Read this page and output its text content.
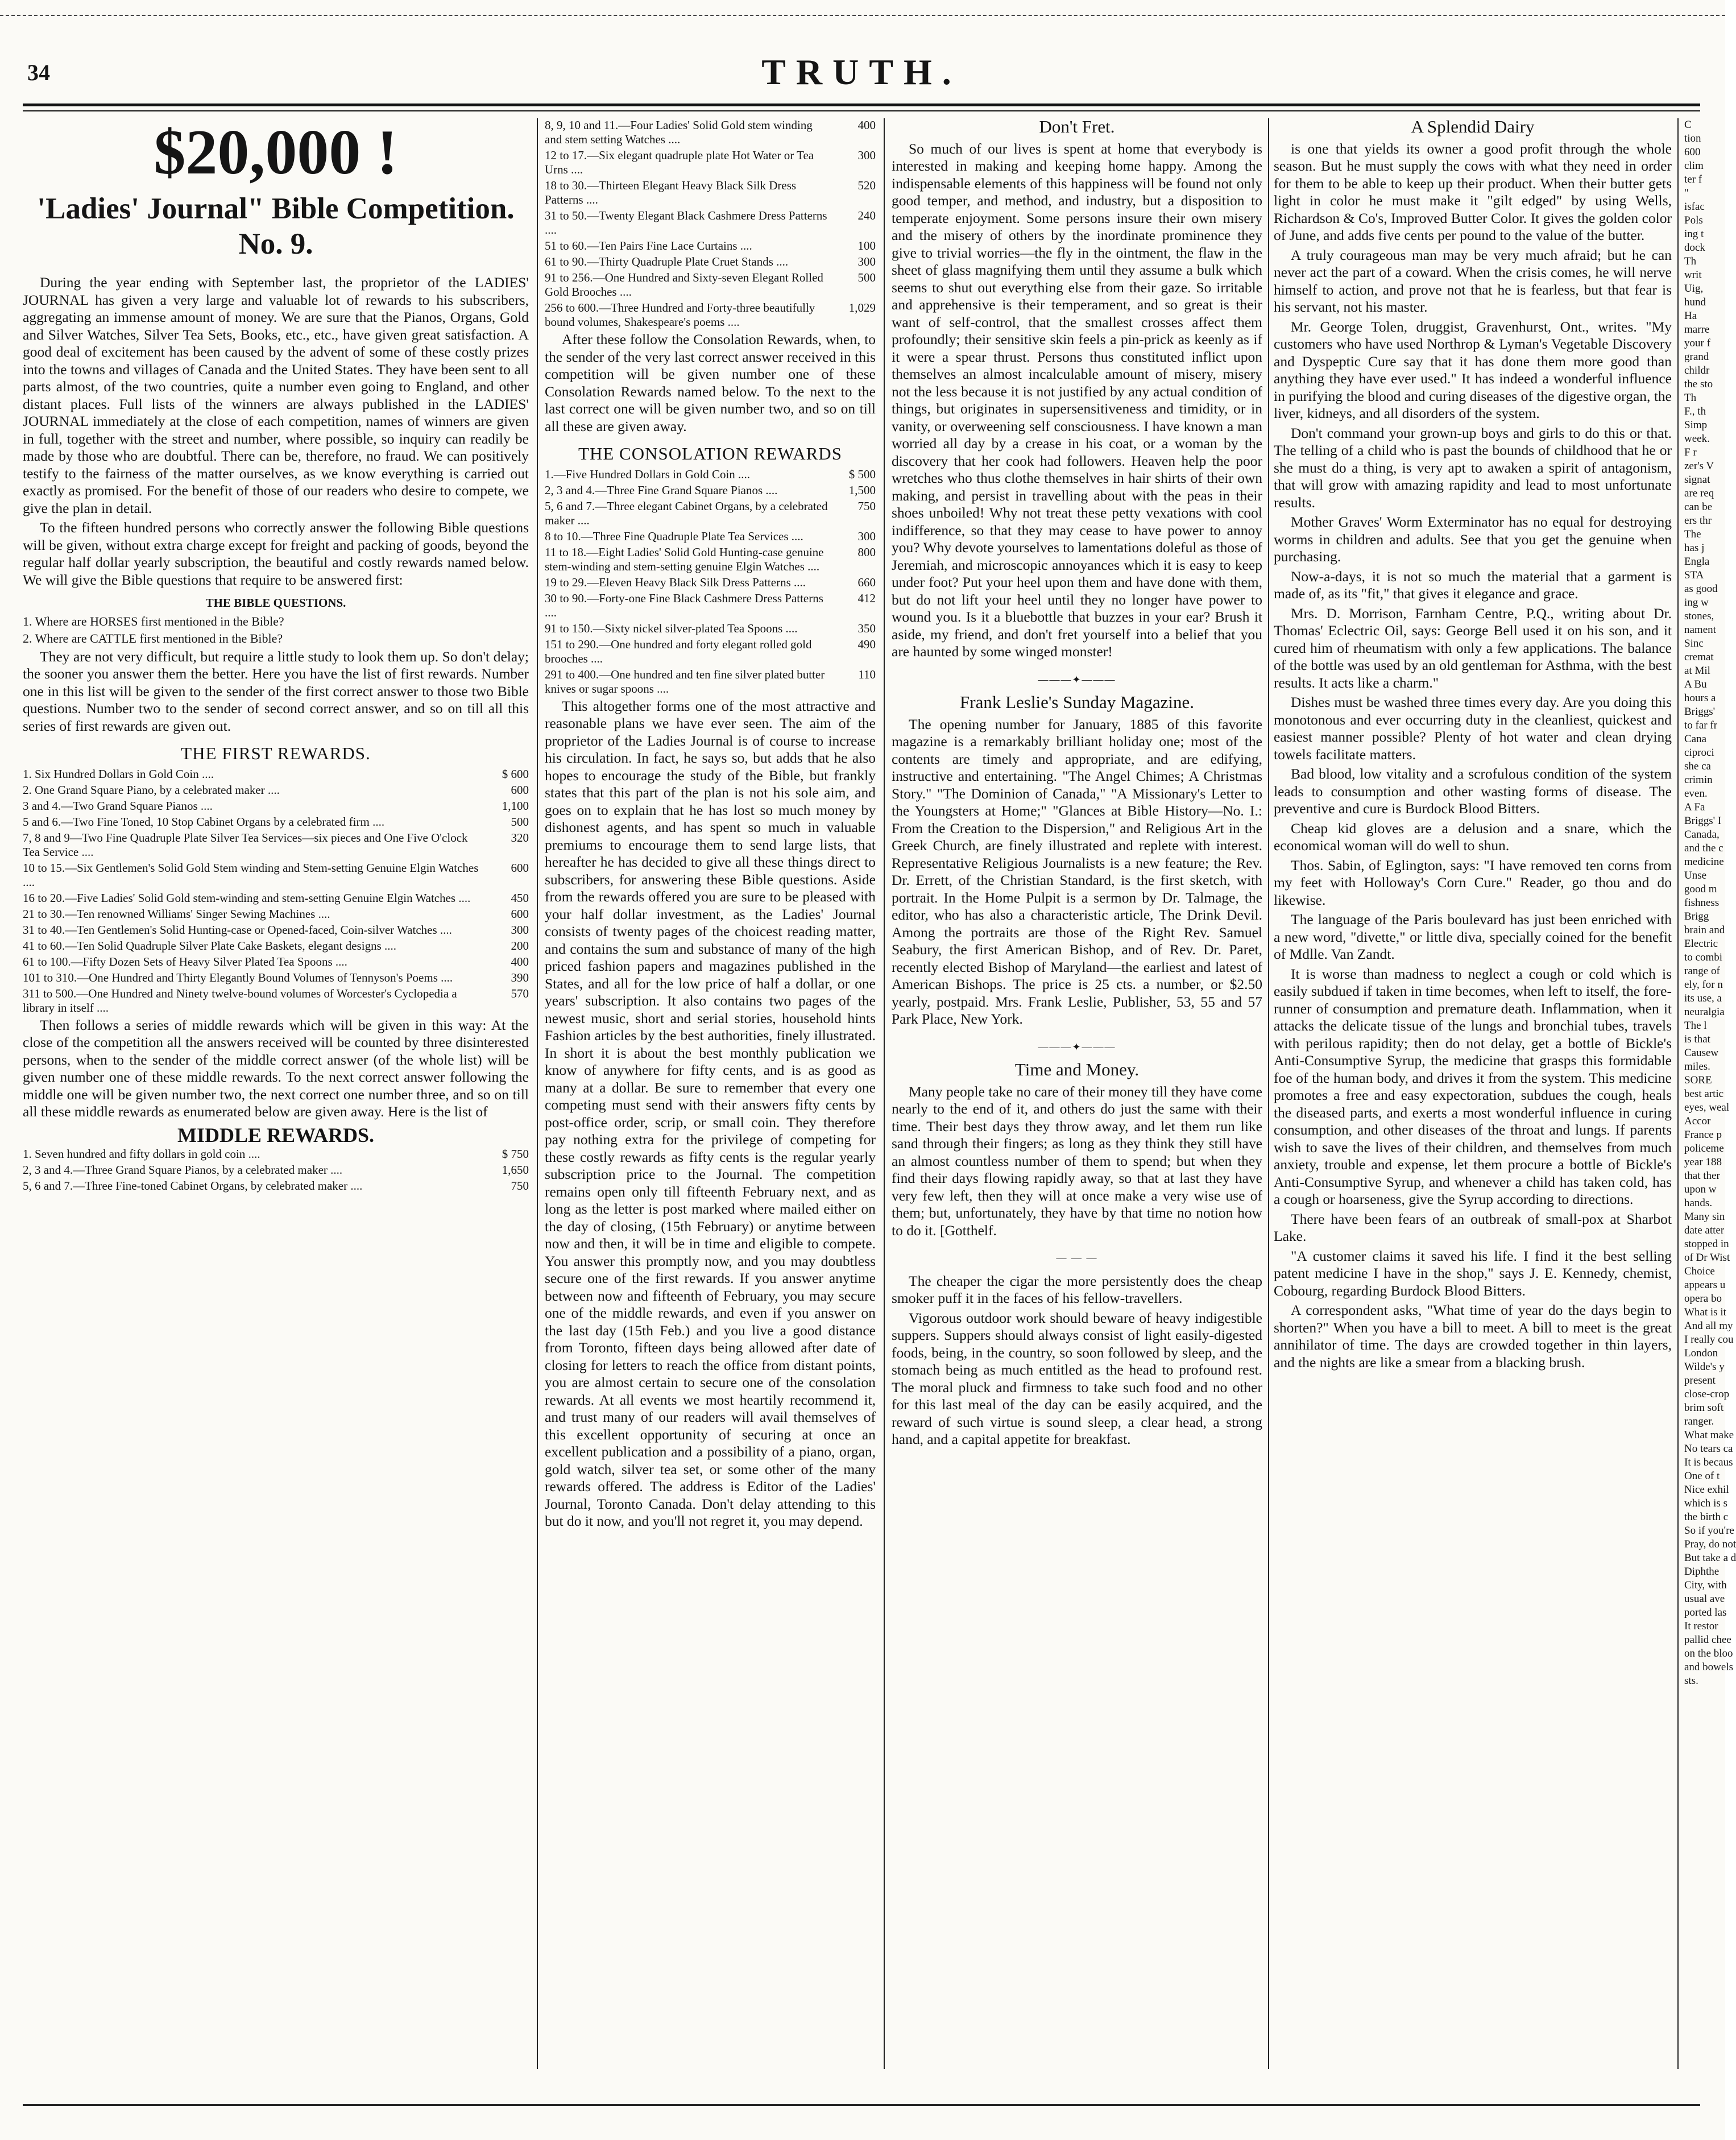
34	TRUTH.
$20,000 !
'Ladies' Journal" Bible Competition. No. 9.

During the year ending with September last, the proprietor of the LADIES' JOURNAL has given a very large and valuable lot of rewards to his subscribers, aggregating an immense amount of money. We are sure that the Pianos, Organs, Gold and Silver Watches, Silver Tea Sets, Books, etc., etc., have given great satisfaction. A good deal of excitement has been caused by the advent of some of these costly prizes into the towns and villages of Canada and the United States. They have been sent to all parts almost, of the two countries, quite a number even going to England, and other distant places. Full lists of the winners are always published in the LADIES' JOURNAL immediately at the close of each competition, names of winners are given in full, together with the street and number, where possible, so inquiry can readily be made by those who are doubtful. There can be, therefore, no fraud. We can positively testify to the fairness of the matter ourselves, as we know everything is carried out exactly as promised. For the benefit of those of our readers who desire to compete, we give the plan in detail.

To the fifteen hundred persons who correctly answer the following Bible questions will be given, without extra charge except for freight and packing of goods, beyond the regular half dollar yearly subscription, the beautiful and costly rewards named below. We will give the Bible questions that require to be answered first:

THE BIBLE QUESTIONS.

1. Where are HORSES first mentioned in the Bible?

2. Where are CATTLE first mentioned in the Bible?

They are not very difficult, but require a little study to look them up. So don't delay; the sooner you answer them the better. Here you have the list of first rewards. Number one in this list will be given to the sender of the first correct answer to those two Bible questions. Number two to the sender of second correct answer, and so on till all this series of first rewards are given out.

THE FIRST REWARDS.
1. Six Hundred Dollars in Gold Coin ....	$ 600
2. One Grand Square Piano, by a celebrated maker ....	600
3 and 4.—Two Grand Square Pianos ....	1,100
5 and 6.—Two Fine Toned, 10 Stop Cabinet Organs by a celebrated firm ....	500
7, 8 and 9—Two Fine Quadruple Plate Silver Tea Services—six pieces and One Five O'clock Tea Service ....
320
10 to 15.—Six Gentlemen's Solid Gold Stem winding and Stem-setting Genuine Elgin Watches ....
600
16 to 20.—Five Ladies' Solid Gold stem-winding and stem-setting Genuine Elgin Watches ....	450
21 to 30.—Ten renowned Williams' Singer Sewing Machines ....	600
31 to 40.—Ten Gentlemen's Solid Hunting-case or Opened-faced, Coin-silver Watches ....	300
41 to 60.—Ten Solid Quadruple Silver Plate Cake Baskets, elegant designs ....	200
61 to 100.—Fifty Dozen Sets of Heavy Silver Plated Tea Spoons ....	400
101 to 310.—One Hundred and Thirty Elegantly Bound Volumes of Tennyson's Poems ....	390
311 to 500.—One Hundred and Ninety twelve-bound volumes of Worcester's Cyclopedia a library in itself ....
570

Then follows a series of middle rewards which will be given in this way: At the close of the competition all the answers received will be counted by three disinterested persons, when to the sender of the middle correct answer (of the whole list) will be given number one of these middle rewards. To the next correct answer following the middle one will be given number two, the next correct one number three, and so on till all these middle rewards as enumerated below are given away. Here is the list of

MIDDLE REWARDS.
1. Seven hundred and fifty dollars in gold coin ....	$ 750
2, 3 and 4.—Three Grand Square Pianos, by a celebrated maker ....	1,650
5, 6 and 7.—Three Fine-toned Cabinet Organs, by celebrated maker ....	750
8, 9, 10 and 11.—Four Ladies' Solid Gold stem winding and stem setting Watches ....
400
12 to 17.—Six elegant quadruple plate Hot Water or Tea Urns ....
300
18 to 30.—Thirteen Elegant Heavy Black Silk Dress Patterns ....
520
31 to 50.—Twenty Elegant Black Cashmere Dress Patterns ....
240
51 to 60.—Ten Pairs Fine Lace Curtains ....	100
61 to 90.—Thirty Quadruple Plate Cruet Stands ....	300
91 to 256.—One Hundred and Sixty-seven Elegant Rolled Gold Brooches ....
500
256 to 600.—Three Hundred and Forty-three beautifully bound volumes, Shakespeare's poems ....
1,029

After these follow the Consolation Rewards, when, to the sender of the very last correct answer received in this competition will be given number one of these Consolation Rewards named below. To the next to the last correct one will be given number two, and so on till all these are given away.

THE CONSOLATION REWARDS
1.—Five Hundred Dollars in Gold Coin ....	$ 500
2, 3 and 4.—Three Fine Grand Square Pianos ....	1,500
5, 6 and 7.—Three elegant Cabinet Organs, by a celebrated maker ....
750
8 to 10.—Three Fine Quadruple Plate Tea Services ....	300
11 to 18.—Eight Ladies' Solid Gold Hunting-case genuine stem-winding and stem-setting genuine Elgin Watches ....
800
19 to 29.—Eleven Heavy Black Silk Dress Patterns ....	660
30 to 90.—Forty-one Fine Black Cashmere Dress Patterns ....
412
91 to 150.—Sixty nickel silver-plated Tea Spoons ....	350
151 to 290.—One hundred and forty elegant rolled gold brooches ....
490
291 to 400.—One hundred and ten fine silver plated butter knives or sugar spoons ....
110

This altogether forms one of the most attractive and reasonable plans we have ever seen. The aim of the proprietor of the Ladies Journal is of course to increase his circulation. In fact, he says so, but adds that he also hopes to encourage the study of the Bible, but frankly states that this part of the plan is not his sole aim, and goes on to explain that he has lost so much money by dishonest agents, and has spent so much in valuable premiums to encourage them to send large lists, that hereafter he has decided to give all these things direct to subscribers, for answering these Bible questions. Aside from the rewards offered you are sure to be pleased with your half dollar investment, as the Ladies' Journal consists of twenty pages of the choicest reading matter, and contains the sum and substance of many of the high priced fashion papers and magazines published in the States, and all for the low price of half a dollar, or one years' subscription. It also contains two pages of the newest music, short and serial stories, household hints Fashion articles by the best authorities, finely illustrated. In short it is about the best monthly publication we know of anywhere for fifty cents, and is as good as many at a dollar. Be sure to remember that every one competing must send with their answers fifty cents by post-office order, scrip, or small coin. They therefore pay nothing extra for the privilege of competing for these costly rewards as fifty cents is the regular yearly subscription price to the Journal. The competition remains open only till fifteenth February next, and as long as the letter is post marked where mailed either on the day of closing, (15th February) or anytime between now and then, it will be in time and eligible to compete. You answer this promptly now, and you may doubtless secure one of the first rewards. If you answer anytime between now and fifteenth of February, you may secure one of the middle rewards, and even if you answer on the last day (15th Feb.) and you live a good distance from Toronto, fifteen days being allowed after date of closing for letters to reach the office from distant points, you are almost certain to secure one of the consolation rewards. At all events we most heartily recommend it, and trust many of our readers will avail themselves of this excellent opportunity of securing at once an excellent publication and a possibility of a piano, organ, gold watch, silver tea set, or some other of the many rewards offered. The address is Editor of the Ladies' Journal, Toronto Canada. Don't delay attending to this but do it now, and you'll not regret it, you may depend.

Don't Fret.

So much of our lives is spent at home that everybody is interested in making and keeping home happy. Among the indispensable elements of this happiness will be found not only good temper, and method, and industry, but a disposition to temperate enjoyment. Some persons insure their own misery and the misery of others by the inordinate prominence they give to trivial worries—the fly in the ointment, the flaw in the sheet of glass magnifying them until they assume a bulk which seems to shut out everything else from their gaze. So irritable and apprehensive is their temperament, and so great is their want of self-control, that the smallest crosses affect them profoundly; their sensitive skin feels a pin-prick as keenly as if it were a spear thrust. Persons thus constituted inflict upon themselves an almost incalculable amount of misery, misery not the less because it is not justified by any actual condition of things, but originates in supersensitiveness and timidity, or in vanity, or overweening self consciousness. I have known a man worried all day by a crease in his coat, or a woman by the discovery that her cook had followers. Heaven help the poor wretches who thus clothe themselves in hair shirts of their own making, and persist in travelling about with the peas in their shoes unboiled! Why not treat these petty vexations with cool indifference, so that they may cease to have power to annoy you? Why devote yourselves to lamentations doleful as those of Jeremiah, and microscopic annoyances which it is easy to keep under foot? Put your heel upon them and have done with them, but do not lift your heel until they no longer have power to wound you. Is it a bluebottle that buzzes in your ear? Brush it aside, my friend, and don't fret yourself into a belief that you are haunted by some winged monster!

———✦———
Frank Leslie's Sunday Magazine.

The opening number for January, 1885 of this favorite magazine is a remarkably brilliant holiday one; most of the contents are timely and appropriate, and are edifying, instructive and entertaining. "The Angel Chimes; A Christmas Story." "The Dominion of Canada," "A Missionary's Letter to the Youngsters at Home;" "Glances at Bible History—No. I.: From the Creation to the Dispersion," and Religious Art in the Greek Church, are finely illustrated and replete with interest. Representative Religious Journalists is a new feature; the Rev. Dr. Errett, of the Christian Standard, is the first sketch, with portrait. In the Home Pulpit is a sermon by Dr. Talmage, the editor, who has also a characteristic article, The Drink Devil. Among the portraits are those of the Right Rev. Samuel Seabury, the first American Bishop, and of Rev. Dr. Paret, recently elected Bishop of Maryland—the earliest and latest of American Bishops. The price is 25 cts. a number, or $2.50 yearly, postpaid. Mrs. Frank Leslie, Publisher, 53, 55 and 57 Park Place, New York.

———✦———
Time and Money.

Many people take no care of their money till they have come nearly to the end of it, and others do just the same with their time. Their best days they throw away, and let them run like sand through their fingers; as long as they think they still have an almost countless number of them to spend; but when they find their days flowing rapidly away, so that at last they have very few left, then they will at once make a very wise use of them; but, unfortunately, they have by that time no notion how to do it. [Gotthelf.

— — —

The cheaper the cigar the more persistently does the cheap smoker puff it in the faces of his fellow-travellers.

Vigorous outdoor work should beware of heavy indigestible suppers. Suppers should always consist of light easily-digested foods, being, in the country, so soon followed by sleep, and the stomach being as much entitled as the head to profound rest. The moral pluck and firmness to take such food and no other for this last meal of the day can be easily acquired, and the reward of such virtue is sound sleep, a clear head, a strong hand, and a capital appetite for breakfast.

A Splendid Dairy

is one that yields its owner a good profit through the whole season. But he must supply the cows with what they need in order for them to be able to keep up their product. When their butter gets light in color he must make it "gilt edged" by using Wells, Richardson & Co's, Improved Butter Color. It gives the golden color of June, and adds five cents per pound to the value of the butter.

A truly courageous man may be very much afraid; but he can never act the part of a coward. When the crisis comes, he will nerve himself to action, and prove not that he is fearless, but that fear is his servant, not his master.

Mr. George Tolen, druggist, Gravenhurst, Ont., writes. "My customers who have used Northrop & Lyman's Vegetable Discovery and Dyspeptic Cure say that it has done them more good than anything they have ever used." It has indeed a wonderful influence in purifying the blood and curing diseases of the digestive organ, the liver, kidneys, and all disorders of the system.

Don't command your grown-up boys and girls to do this or that. The telling of a child who is past the bounds of childhood that he or she must do a thing, is very apt to awaken a spirit of antagonism, that will grow with amazing rapidity and lead to most unfortunate results.

Mother Graves' Worm Exterminator has no equal for destroying worms in children and adults. See that you get the genuine when purchasing.

Now-a-days, it is not so much the material that a garment is made of, as its "fit," that gives it elegance and grace.

Mrs. D. Morrison, Farnham Centre, P.Q., writing about Dr. Thomas' Eclectric Oil, says: George Bell used it on his son, and it cured him of rheumatism with only a few applications. The balance of the bottle was used by an old gentleman for Asthma, with the best results. It acts like a charm."

Dishes must be washed three times every day. Are you doing this monotonous and ever occurring duty in the cleanliest, quickest and easiest manner possible? Plenty of hot water and clean drying towels facilitate matters.

Bad blood, low vitality and a scrofulous condition of the system leads to consumption and other wasting forms of disease. The preventive and cure is Burdock Blood Bitters.

Cheap kid gloves are a delusion and a snare, which the economical woman will do well to shun.

Thos. Sabin, of Eglington, says: "I have removed ten corns from my feet with Holloway's Corn Cure." Reader, go thou and do likewise.

The language of the Paris boulevard has just been enriched with a new word, "divette," or little diva, specially coined for the benefit of Mdlle. Van Zandt.

It is worse than madness to neglect a cough or cold which is easily subdued if taken in time becomes, when left to itself, the fore-runner of consumption and premature death. Inflammation, when it attacks the delicate tissue of the lungs and bronchial tubes, travels with perilous rapidity; then do not delay, get a bottle of Bickle's Anti-Consumptive Syrup, the medicine that grasps this formidable foe of the human body, and drives it from the system. This medicine promotes a free and easy expectoration, subdues the cough, heals the diseased parts, and exerts a most wonderful influence in curing consumption, and other diseases of the throat and lungs. If parents wish to save the lives of their children, and themselves from much anxiety, trouble and expense, let them procure a bottle of Bickle's Anti-Consumptive Syrup, and whenever a child has taken cold, has a cough or hoarseness, give the Syrup according to directions.

There have been fears of an outbreak of small-pox at Sharbot Lake.

"A customer claims it saved his life. I find it the best selling patent medicine I have in the shop," says J. E. Kennedy, chemist, Cobourg, regarding Burdock Blood Bitters.

A correspondent asks, "What time of year do the days begin to shorten?" When you have a bill to meet. A bill to meet is the great annihilator of time. The days are crowded together in thin layers, and the nights are like a smear from a blacking brush.

C
tion
600
clim
ter f
"
isfac
Pols
ing t
dock
Th
writ
Uig,
hund
Ha
marre
your f
grand
childr
the sto
Th
F., th
Simp
week.
F r
zer's V
signat
are req
can be
ers thr
The
has j
Engla
STA
as good
ing w
stones,
nament
Sinc
cremat
at Mil
A Bu
hours a
Briggs'
to far fr
Cana
ciproci
she ca
crimin
even.
A Fa
Briggs' I
Canada,
and the c
medicine
Unse
good m
fishness
Brigg
brain and
Electric
to combi
range of
ely, for n
its use, a
neuralgia
The l
is that
Causew
miles.
SORE
best artic
eyes, weal
Accor
France p
policeme
year 188
that ther
upon w
hands.
Many sin
date atter
stopped in
of Dr Wist
Choice
appears u
opera bo
What is it
And all my
I really cou
London
Wilde's y
present
close-crop
brim soft
ranger.
What make
No tears ca
It is becaus
One of t
Nice exhil
which is s
the birth c
So if you're
Pray, do not
But take a d
Diphthe
City, with
usual ave
ported las
It restor
pallid chee
on the bloo
and bowels
sts.
